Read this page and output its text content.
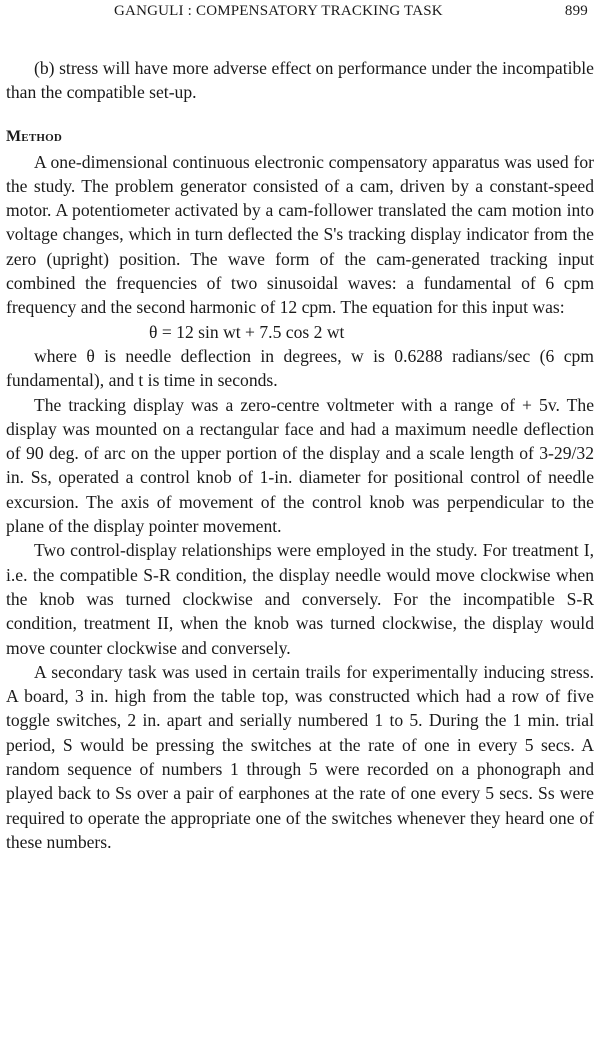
GANGULI : COMPENSATORY TRACKING TASK	899

(b) stress will have more adverse effect on performance under the incompatible than the compatible set-up.

Method

A one-dimensional continuous electronic compensatory apparatus was used for the study. The problem generator consisted of a cam, driven by a constant-speed motor. A potentiometer activated by a cam-follower translated the cam motion into voltage changes, which in turn deflected the S's tracking display indicator from the zero (upright) position. The wave form of the cam-generated tracking input combined the frequencies of two sinusoidal waves: a fundamental of 6 cpm frequency and the second harmonic of 12 cpm. The equation for this input was:

θ = 12 sin wt + 7.5 cos 2 wt

where θ is needle deflection in degrees, w is 0.6288 radians/sec (6 cpm fundamental), and t is time in seconds.

The tracking display was a zero-centre voltmeter with a range of + 5v. The display was mounted on a rectangular face and had a maximum needle deflection of 90 deg. of arc on the upper portion of the display and a scale length of 3-29/32 in. Ss, operated a control knob of 1-in. diameter for positional control of needle excursion. The axis of movement of the control knob was perpendicular to the plane of the display pointer movement.

Two control-display relationships were employed in the study. For treatment I, i.e. the compatible S-R condition, the display needle would move clockwise when the knob was turned clockwise and conversely. For the incompatible S-R condition, treatment II, when the knob was turned clockwise, the display would move counter clockwise and conversely.

A secondary task was used in certain trails for experimentally inducing stress. A board, 3 in. high from the table top, was constructed which had a row of five toggle switches, 2 in. apart and serially numbered 1 to 5. During the 1 min. trial period, S would be pressing the switches at the rate of one in every 5 secs. A random sequence of numbers 1 through 5 were recorded on a phonograph and played back to Ss over a pair of earphones at the rate of one every 5 secs. Ss were required to operate the appropriate one of the switches whenever they heard one of these numbers.
